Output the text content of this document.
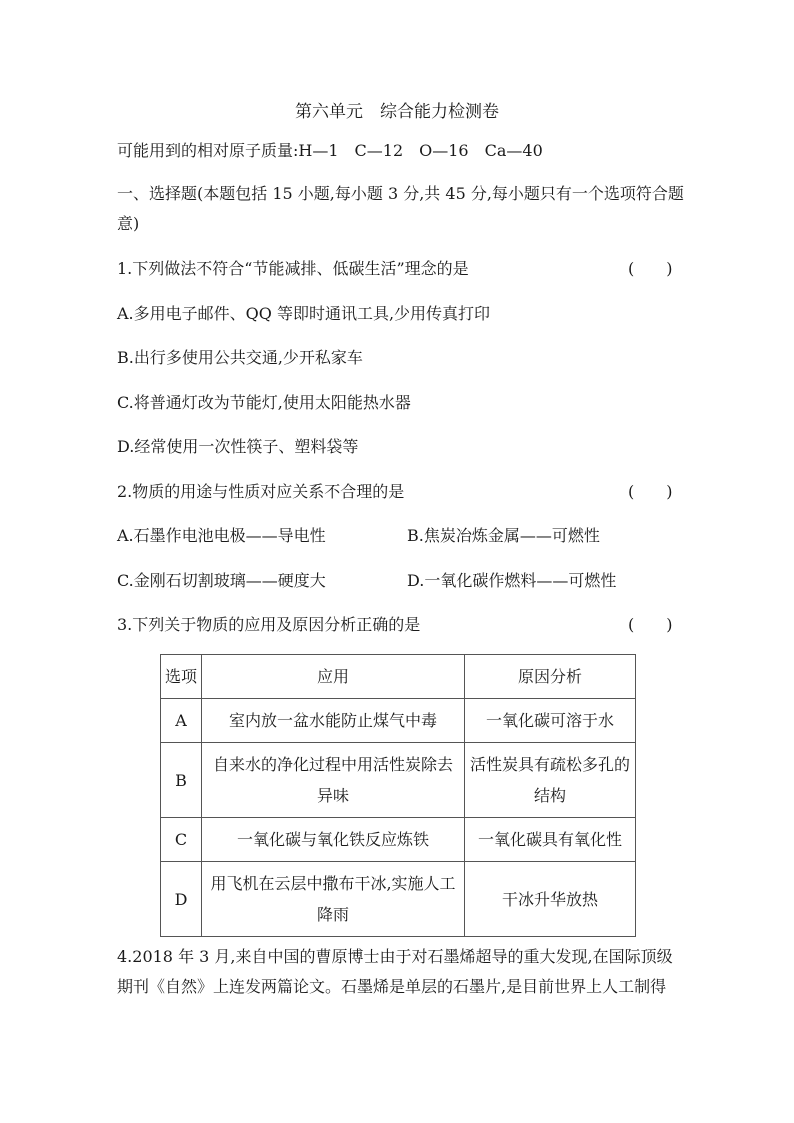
第六单元　综合能力检测卷
可能用到的相对原子质量:H—1　C—12　O—16　Ca—40
一、选择题(本题包括 15 小题,每小题 3 分,共 45 分,每小题只有一个选项符合题
意)
1.下列做法不符合“节能减排、低碳生活”理念的是	(　　)
A.多用电子邮件、QQ 等即时通讯工具,少用传真打印
B.出行多使用公共交通,少开私家车
C.将普通灯改为节能灯,使用太阳能热水器
D.经常使用一次性筷子、塑料袋等
2.物质的用途与性质对应关系不合理的是	(　　)
A.石墨作电池电极——导电性	B.焦炭冶炼金属——可燃性
C.金刚石切割玻璃——硬度大	D.一氧化碳作燃料——可燃性
3.下列关于物质的应用及原因分析正确的是	(　　)
选项	应用	原因分析
A	室内放一盆水能防止煤气中毒	一氧化碳可溶于水
B	自来水的净化过程中用活性炭除去异味	活性炭具有疏松多孔的结构
C	一氧化碳与氧化铁反应炼铁	一氧化碳具有氧化性
D	用飞机在云层中撒布干冰,实施人工降雨	干冰升华放热
4.2018 年 3 月,来自中国的曹原博士由于对石墨烯超导的重大发现,在国际顶级
期刊《自然》上连发两篇论文。石墨烯是单层的石墨片,是目前世界上人工制得
